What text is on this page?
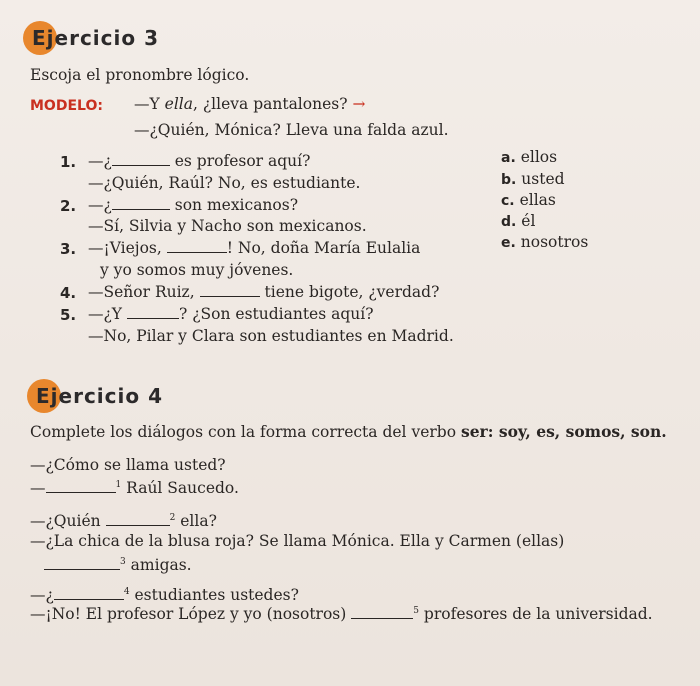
Ejercicio 3
Escoja el pronombre lógico.
MODELO: —Y ella, ¿lleva pantalones? →
—¿Quién, Mónica? Lleva una falda azul.
1. —¿	es profesor aquí?
—¿Quién, Raúl? No, es estudiante.
2. —¿	son mexicanos?
—Sí, Silvia y Nacho son mexicanos.
3. —¡Viejos,	! No, doña María Eulalia
y yo somos muy jóvenes.
4. —Señor Ruiz,	tiene bigote, ¿verdad?
5. —¿Y	? ¿Son estudiantes aquí?
—No, Pilar y Clara son estudiantes en Madrid.
a. ellos
b. usted
c. ellas
d. él
e. nosotros
Ejercicio 4
Complete los diálogos con la forma correcta del verbo ser: soy, es, somos, son.
—¿Cómo se llama usted?
—	$^1$ Raúl Saucedo.
—¿Quién	$^2$ ella?
—¿La chica de la blusa roja? Se llama Mónica. Ella y Carmen (ellas)
$^3$ amigas.
—¿	$^4$ estudiantes ustedes?
—¡No! El profesor López y yo (nosotros)	$^5$ profesores de la universidad.
